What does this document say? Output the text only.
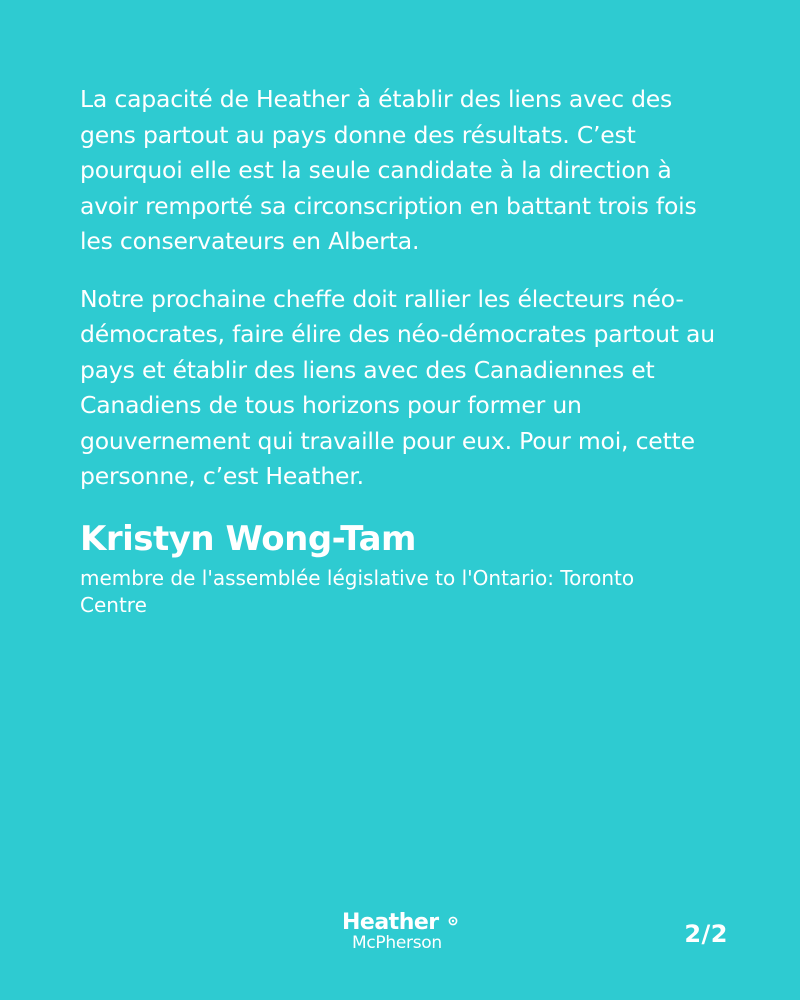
La capacité de Heather à établir des liens avec des gens partout au pays donne des résultats. C’est pourquoi elle est la seule candidate à la direction à avoir remporté sa circonscription en battant trois fois les conservateurs en Alberta.

Notre prochaine cheffe doit rallier les électeurs néo-démocrates, faire élire des néo-démocrates partout au pays et établir des liens avec des Canadiennes et Canadiens de tous horizons pour former un gouvernement qui travaille pour eux. Pour moi, cette personne, c’est Heather.

Kristyn Wong-Tam
membre de l'assemblée législative to l'Ontario: Toronto Centre
Heather
McPherson	2/2
